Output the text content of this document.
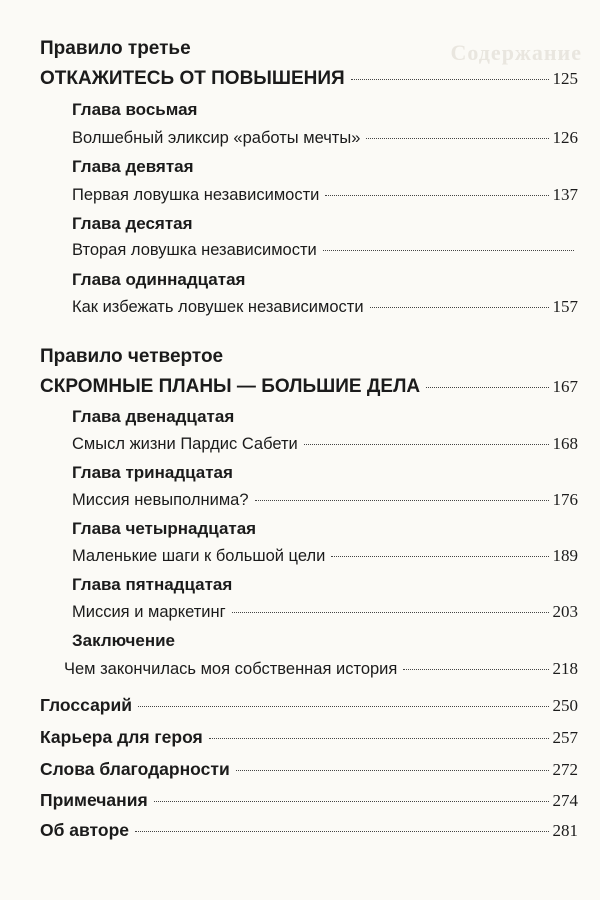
Содержание
Правило третье
ОТКАЖИТЕСЬ ОТ ПОВЫШЕНИЯ	125
Глава восьмая
Волшебный эликсир «работы мечты»	126
Глава девятая
Первая ловушка независимости	137
Глава десятая
Вторая ловушка независимости
Глава одиннадцатая
Как избежать ловушек независимости	157
Правило четвертое
СКРОМНЫЕ ПЛАНЫ — БОЛЬШИЕ ДЕЛА	167
Глава двенадцатая
Смысл жизни Пардис Сабети	168
Глава тринадцатая
Миссия невыполнима?	176
Глава четырнадцатая
Маленькие шаги к большой цели	189
Глава пятнадцатая
Миссия и маркетинг	203
Заключение
Чем закончилась моя собственная история	218
Глоссарий	250
Карьера для героя	257
Слова благодарности	272
Примечания	274
Об авторе	281
